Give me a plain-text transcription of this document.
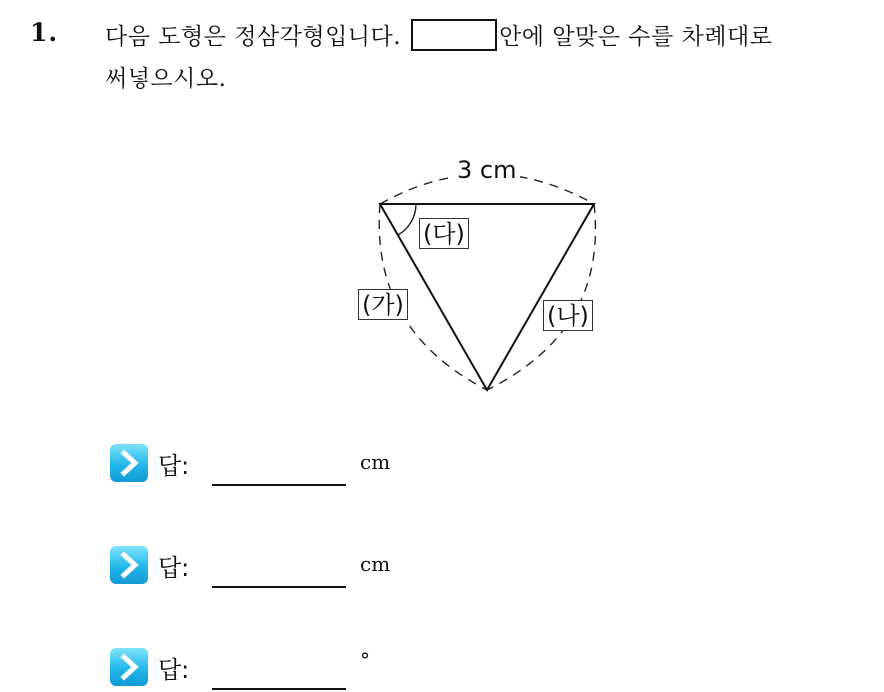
1. 다음 도형은 정삼각형입니다.	안에 알맞은 수를 차례대로
써넣으시오.
3 cm
(다)
(가)	(나)
답:	cm
답:	cm
답:	°
